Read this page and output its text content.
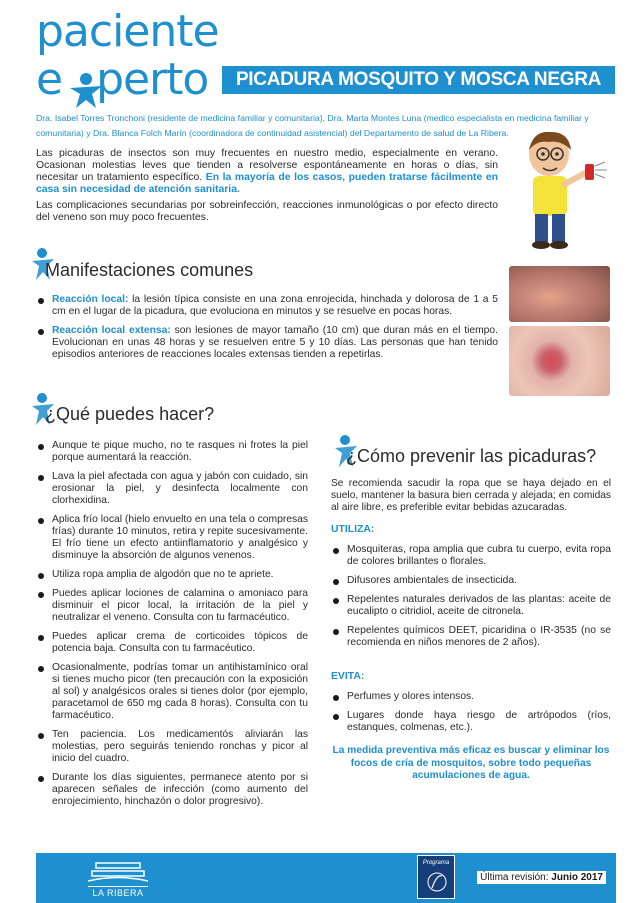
paciente
e perto	PICADURA MOSQUITO Y MOSCA NEGRA
Dra. Isabel Torres Tronchoni (residente de medicina familiar y comunitaria), Dra. Marta Montes Luna (medico especialista en medicina familiar y comunitaria) y Dra. Blanca Folch Marín (coordinadora de continuidad asistencial) del Departamento de salud de La Ribera.

Las picaduras de insectos son muy frecuentes en nuestro medio, especialmente en verano. Ocasionan molestias leves que tienden a resolverse espontáneamente en horas o días, sin necesitar un tratamiento específico. En la mayoría de los casos, pueden tratarse fácilmente en casa sin necesidad de atención sanitaria.

Las complicaciones secundarias por sobreinfección, reacciones inmunológicas o por efecto directo del veneno son muy poco frecuentes.

Manifestaciones comunes
Reacción local: la lesión típica consiste en una zona enrojecida, hinchada y dolorosa de 1 a 5 cm en el lugar de la picadura, que evoluciona en minutos y se resuelve en pocas horas.
Reacción local extensa: son lesiones de mayor tamaño (10 cm) que duran más en el tiempo. Evolucionan en unas 48 horas y se resuelven entre 5 y 10 días. Las personas que han tenido episodios anteriores de reacciones locales extensas tienden a repetirlas.
¿Qué puedes hacer?
Aunque te pique mucho, no te rasques ni frotes la piel porque aumentará la reacción.
Lava la piel afectada con agua y jabón con cuidado, sin erosionar la piel, y desinfecta localmente con clorhexidina.
Aplica frío local (hielo envuelto en una tela o compresas frías) durante 10 minutos, retira y repite sucesivamente. El frío tiene un efecto antiinflamatorio y analgésico y disminuye la absorción de algunos venenos.
Utiliza ropa amplia de algodón que no te apriete.
Puedes aplicar lociones de calamina o amoniaco para disminuir el picor local, la irritación de la piel y neutralizar el veneno. Consulta con tu farmacéutico.
Puedes aplicar crema de corticoides tópicos de potencia baja. Consulta con tu farmacéutico.
Ocasionalmente, podrías tomar un antihistamínico oral si tienes mucho picor (ten precaución con la exposición al sol) y analgésicos orales si tienes dolor (por ejemplo, paracetamol de 650 mg cada 8 horas). Consulta con tu farmacéutico.
Ten paciencia. Los medicamentós aliviarán las molestias, pero seguirás teniendo ronchas y picor al inicio del cuadro.
Durante los días siguientes, permanece atento por si aparecen señales de infección (como aumento del enrojecimiento, hinchazón o dolor progresivo).
¿Cómo prevenir las picaduras?
Se recomienda sacudir la ropa que se haya dejado en el suelo, mantener la basura bien cerrada y alejada; en comidas al aire libre, es preferible evitar bebidas azucaradas.
UTILIZA:
Mosquiteras, ropa amplia que cubra tu cuerpo, evita ropa de colores brillantes o florales.
Difusores ambientales de insecticida.
Repelentes naturales derivados de las plantas: aceite de eucalipto o citridiol, aceite de citronela.
Repelentes químicos DEET, picaridina o IR-3535 (no se recomienda en niños menores de 2 años).
EVITA:
Perfumes y olores intensos.
Lugares donde haya riesgo de artrópodos (ríos, estanques, colmenas, etc.).
La medida preventiva más eficaz es buscar y eliminar los focos de cría de mosquitos, sobre todo pequeñas acumulaciones de agua.
LA RIBERA
Programa
Última revisión: Junio 2017
